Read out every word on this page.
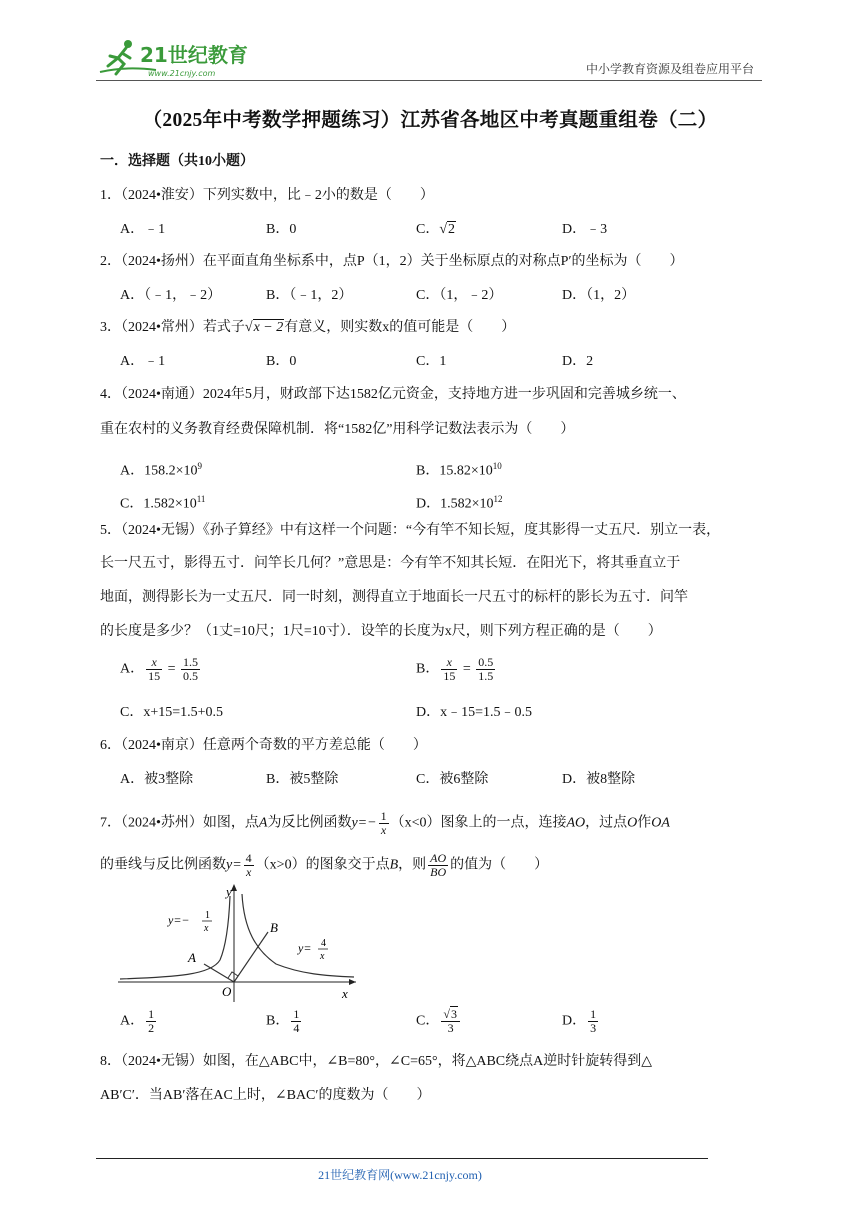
21世纪教育
www.21cnjy.com	中小学教育资源及组卷应用平台
（2025年中考数学押题练习）江苏省各地区中考真题重组卷（二）
一．选择题（共10小题）
1．（2024•淮安）下列实数中，比﹣2小的数是（　　）
A．﹣1	B．0	C．√2	D．﹣3
2．（2024•扬州）在平面直角坐标系中，点P（1，2）关于坐标原点的对称点P′的坐标为（　　）
A．（﹣1，﹣2）	B．（﹣1，2）	C．（1，﹣2）	D．（1，2）
3．（2024•常州）若式子√x − 2有意义，则实数x的值可能是（　　）
A．﹣1	B．0	C．1	D．2
4．（2024•南通）2024年5月，财政部下达1582亿元资金，支持地方进一步巩固和完善城乡统一、
重在农村的义务教育经费保障机制．将“1582亿”用科学记数法表示为（　　）
A．$158.2\times 10^9$	B．$15.82\times 10^{10}$
C．$1.582\times 10^{11}$	D．$1.582\times 10^{12}$
5．（2024•无锡）《孙子算经》中有这样一个问题：“今有竿不知长短，度其影得一丈五尺．别立一表，
长一尺五寸，影得五寸．问竿长几何？”意思是：今有竿不知其长短．在阳光下，将其垂直立于
地面，测得影长为一丈五尺．同一时刻，测得直立于地面长一尺五寸的标杆的影长为五寸．问竿
的长度是多少？（1丈=10尺；1尺=10寸）．设竿的长度为x尺，则下列方程正确的是（　　）
A． $\frac{x}{15} = \frac{1.5}{0.5}$	B． $\frac{x}{15} = \frac{0.5}{1.5}$
C．x+15=1.5+0.5	D．x﹣15=1.5﹣0.5
6．（2024•南京）任意两个奇数的平方差总能（　　）
A．被3整除	B．被5整除	C．被6整除	D．被8整除
7．（2024•苏州）如图，点A为反比例函数$y=- \frac{1}{x} (x<0)$图象上的一点，连接AO，过点O作OA
的垂线与反比例函数$y= \frac{4}{x} (x>0)$的图象交于点B，则 $\frac{AO}{BO}$ 的值为（　　）
y
x
O
A
B
y=− 1
x
y= 4
x
A． $\frac{1}{2}$	B． $\frac{1}{4}$	C． $\frac{√3}{3}$	D． $\frac{1}{3}$
8．（2024•无锡）如图，在△ABC中，∠B=80°，∠C=65°，将△ABC绕点A逆时针旋转得到△
AB′C′．当AB′落在AC上时，∠BAC′的度数为（　　）
21世纪教育网(www.21cnjy.com)
